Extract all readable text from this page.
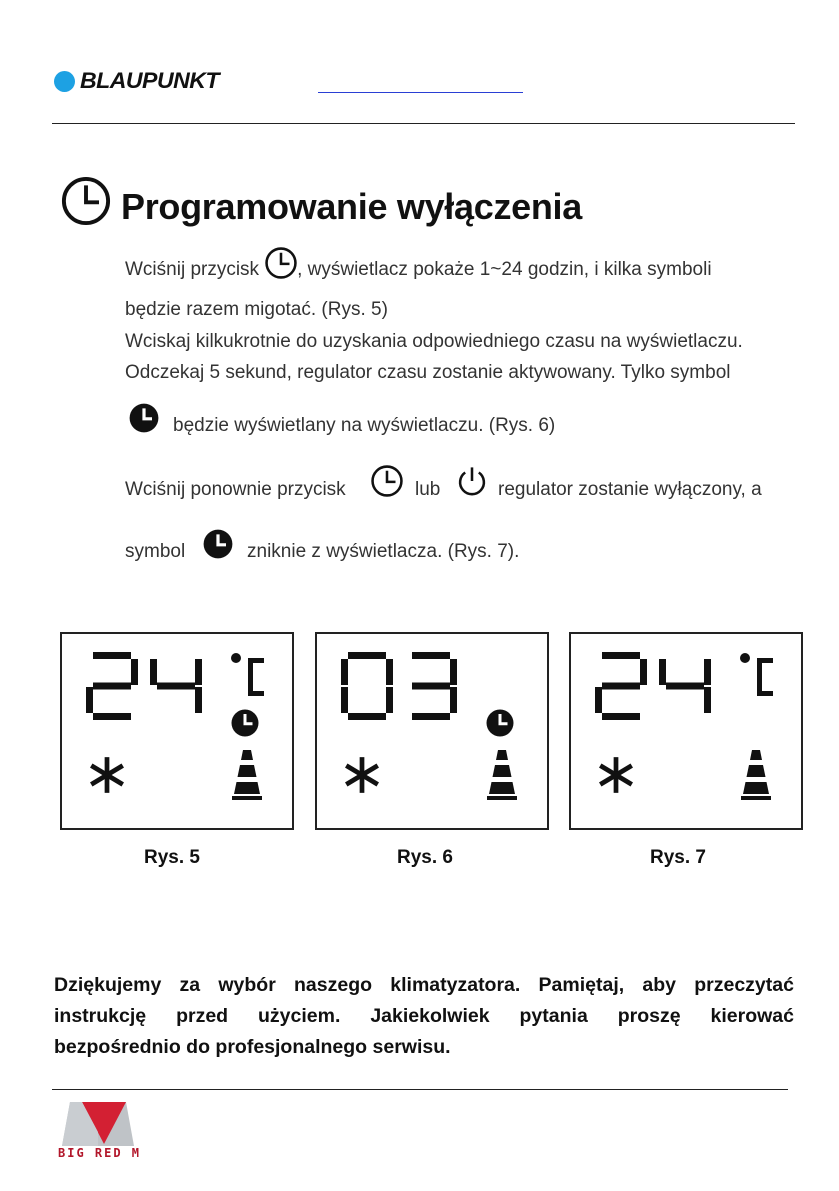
BLAUPUNKT
Programowanie wyłączenia
Wciśnij przycisk , wyświetlacz pokaże 1~24 godzin, i kilka symboli
będzie razem migotać. (Rys. 5)
Wciskaj kilkukrotnie do uzyskania odpowiedniego czasu na wyświetlaczu.
Odczekaj 5 sekund, regulator czasu zostanie aktywowany. Tylko symbol
będzie wyświetlany na wyświetlaczu. (Rys. 6)
Wciśnij ponownie przycisk	lub	regulator zostanie wyłączony, a
symbol	zniknie z wyświetlacza. (Rys. 7).
Rys. 5	Rys. 6	Rys. 7
Dziękujemy za wybór naszego klimatyzatora. Pamiętaj, aby przeczytać
instrukcję przed użyciem. Jakiekolwiek pytania proszę kierować
bezpośrednio do profesjonalnego serwisu.
BIG RED M
